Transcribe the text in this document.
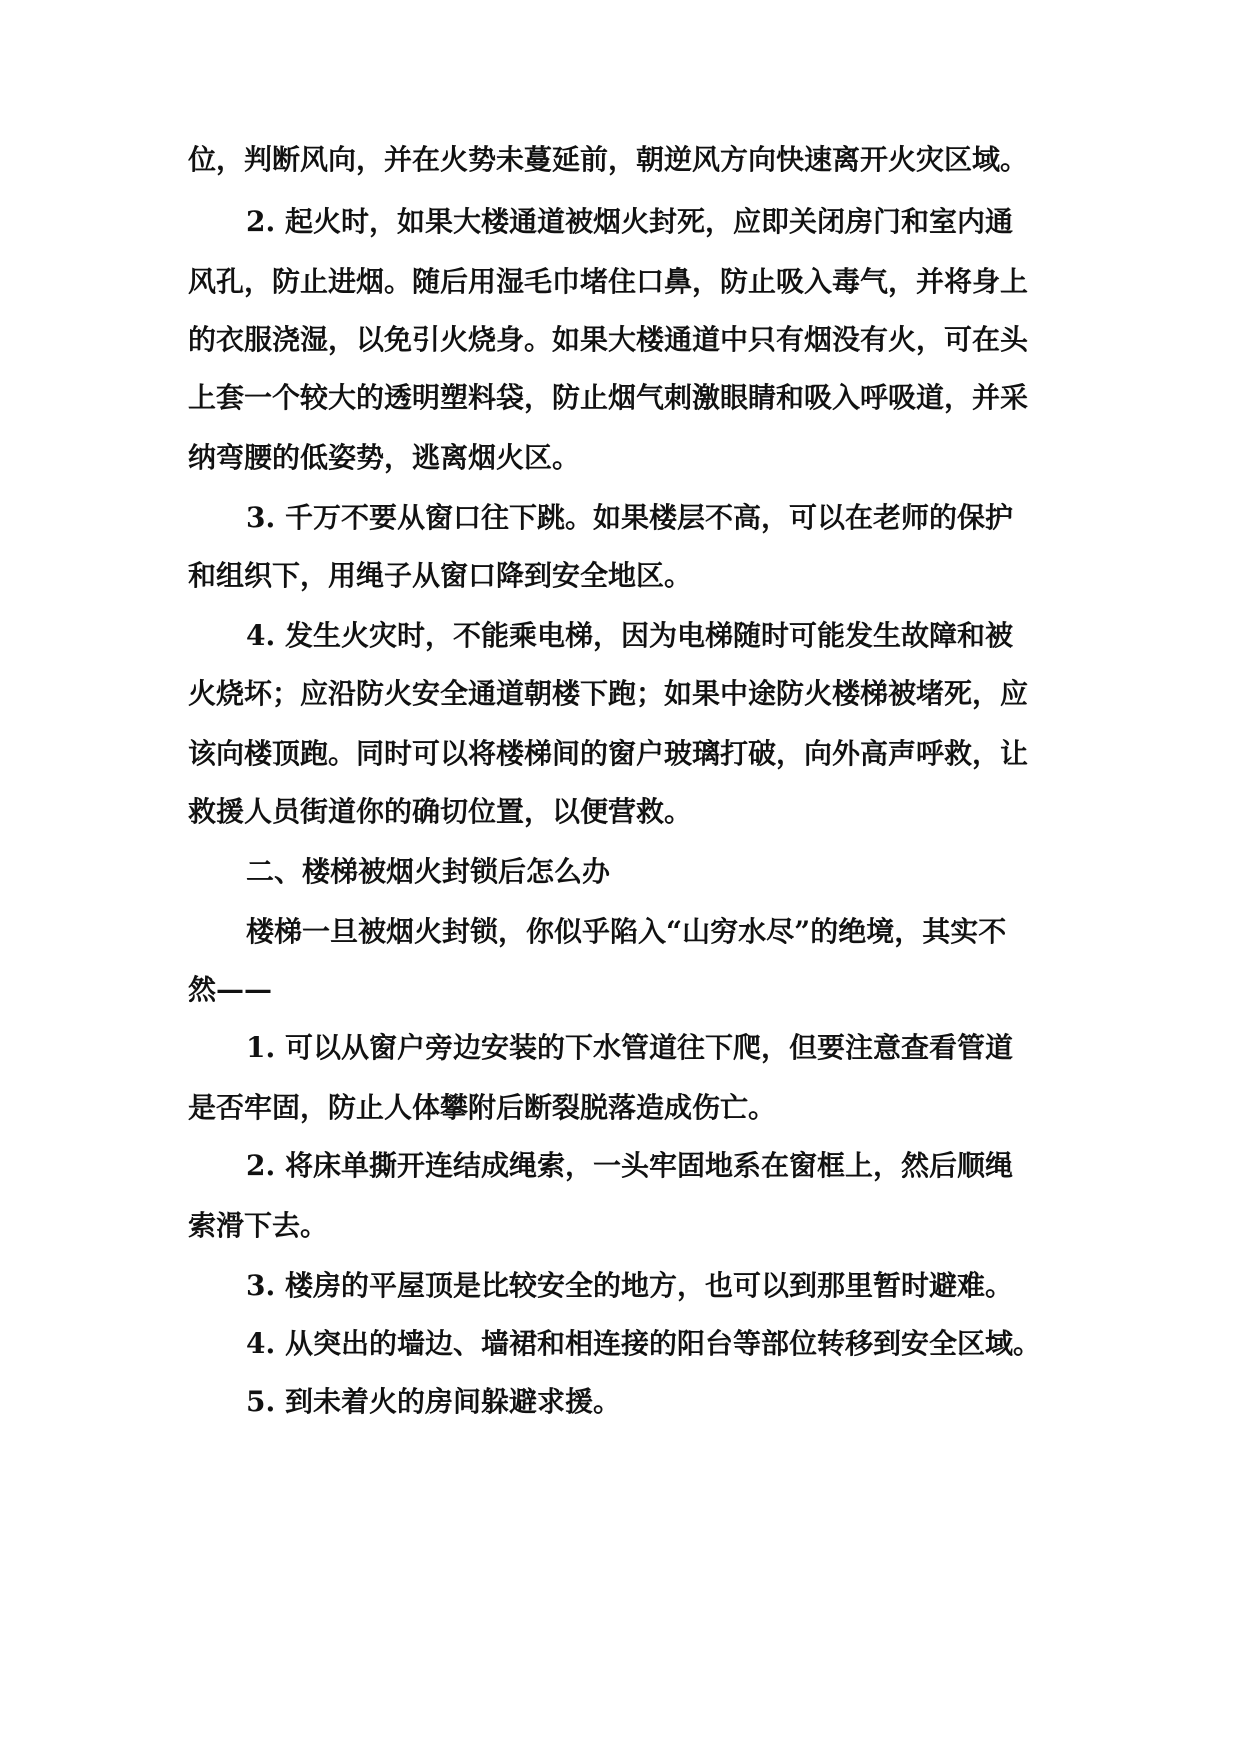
位，判断风向，并在火势未蔓延前，朝逆风方向快速离开火灾区域。
2. 起火时，如果大楼通道被烟火封死，应即关闭房门和室内通
风孔，防止进烟。随后用湿毛巾堵住口鼻，防止吸入毒气，并将身上
的衣服浇湿，以免引火烧身。如果大楼通道中只有烟没有火，可在头
上套一个较大的透明塑料袋，防止烟气刺激眼睛和吸入呼吸道，并采
纳弯腰的低姿势，逃离烟火区。
3. 千万不要从窗口往下跳。如果楼层不高，可以在老师的保护
和组织下，用绳子从窗口降到安全地区。
4. 发生火灾时，不能乘电梯，因为电梯随时可能发生故障和被
火烧坏；应沿防火安全通道朝楼下跑；如果中途防火楼梯被堵死，应
该向楼顶跑。同时可以将楼梯间的窗户玻璃打破，向外高声呼救，让
救援人员街道你的确切位置，以便营救。
二、楼梯被烟火封锁后怎么办
楼梯一旦被烟火封锁，你似乎陷入“山穷水尽”的绝境，其实不
然——
1. 可以从窗户旁边安装的下水管道往下爬，但要注意查看管道
是否牢固，防止人体攀附后断裂脱落造成伤亡。
2. 将床单撕开连结成绳索，一头牢固地系在窗框上，然后顺绳
索滑下去。
3. 楼房的平屋顶是比较安全的地方，也可以到那里暂时避难。
4. 从突出的墙边、墙裙和相连接的阳台等部位转移到安全区域。
5. 到未着火的房间躲避求援。
